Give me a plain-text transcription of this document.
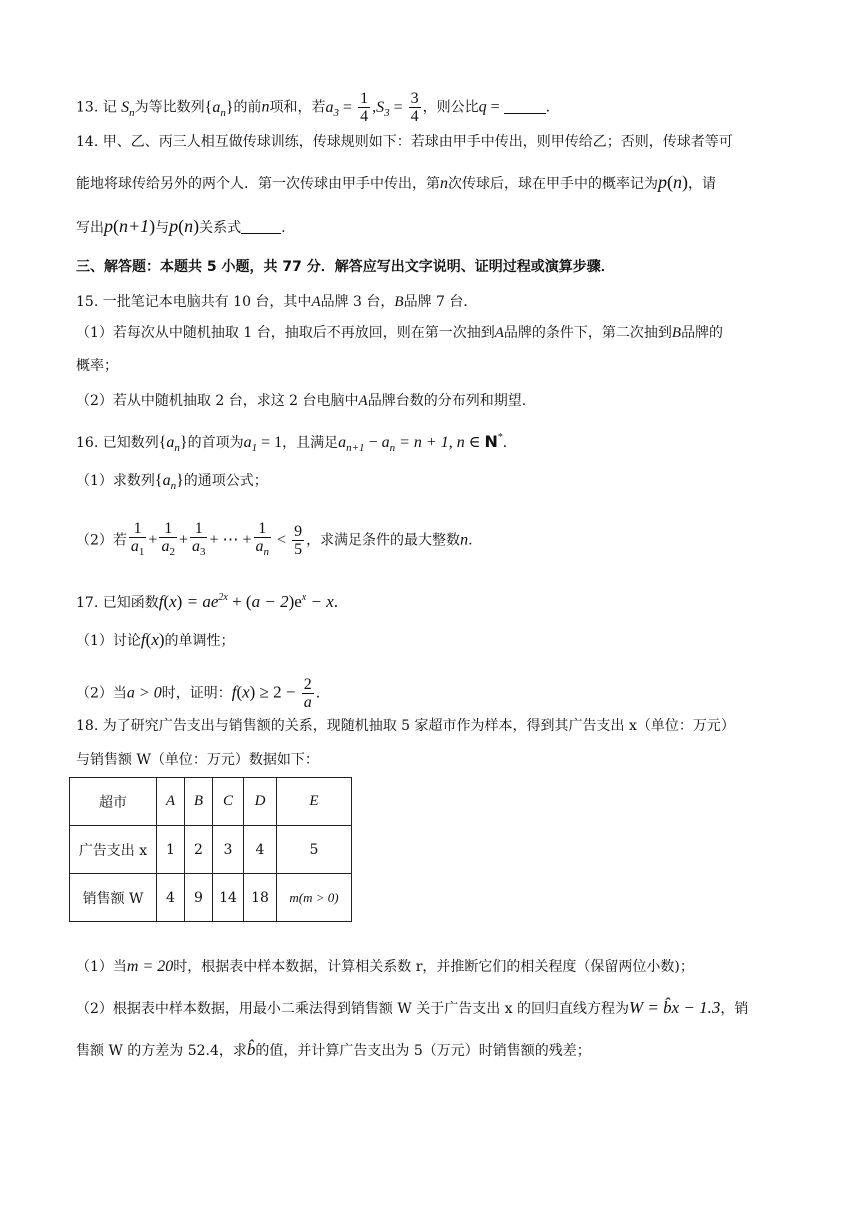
13. 记 $S_n$为等比数列$\{a_n\}$的前n项和，若$a_3 = \frac{1}{4} ,S_3 = \frac{3}{4}$ ，则公比q =	.
14. 甲、乙、丙三人相互做传球训练，传球规则如下：若球由甲手中传出，则甲传给乙；否则，传球者等可
能地将球传给另外的两个人．第一次传球由甲手中传出，第n次传球后，球在甲手中的概率记为p(n)，请
写出p(n+1)与p(n)关系式	.
三、解答题：本题共 5 小题，共 77 分．解答应写出文字说明、证明过程或演算步骤．
15. 一批笔记本电脑共有 10 台，其中A品牌 3 台，B品牌 7 台．
（1）若每次从中随机抽取 1 台，抽取后不再放回，则在第一次抽到A品牌的条件下，第二次抽到B品牌的
概率；
（2）若从中随机抽取 2 台，求这 2 台电脑中A品牌台数的分布列和期望.
16. 已知数列$\{a_n\}$的首项为$a_1 = 1$，且满足$a_{n+1} - a_n = n + 1$, n ∈ N*.
（1）求数列$\{a_n\}$的通项公式；
（2）若 $\frac{1}{a_1} + \frac{1}{a_2} + \frac{1}{a_3}$ + ⋯ + $\frac{1}{a_n} < \frac{9}{5}$ ，求满足条件的最大整数n.
17. 已知函数$f(x) = ae^{2x} + (a - 2)e^x - x$.
（1）讨论f(x)的单调性；
（2）当a > 0时，证明：$f(x) \ge 2 - \frac{2}{a}$ .
18. 为了研究广告支出与销售额的关系，现随机抽取 5 家超市作为样本，得到其广告支出 x（单位：万元）
与销售额 W（单位：万元）数据如下：
超市	A	B	C	D	E
广告支出 x	1	2	3	4	5
销售额 W	4	9	14	18	m(m > 0)
（1）当m = 20时，根据表中样本数据，计算相关系数 r，并推断它们的相关程度（保留两位小数)；
（2）根据表中样本数据，用最小二乘法得到销售额 W 关于广告支出 x 的回归直线方程为W = b̂x − 1.3，销
售额 W 的方差为 52.4，求b̂的值，并计算广告支出为 5（万元）时销售额的残差；
